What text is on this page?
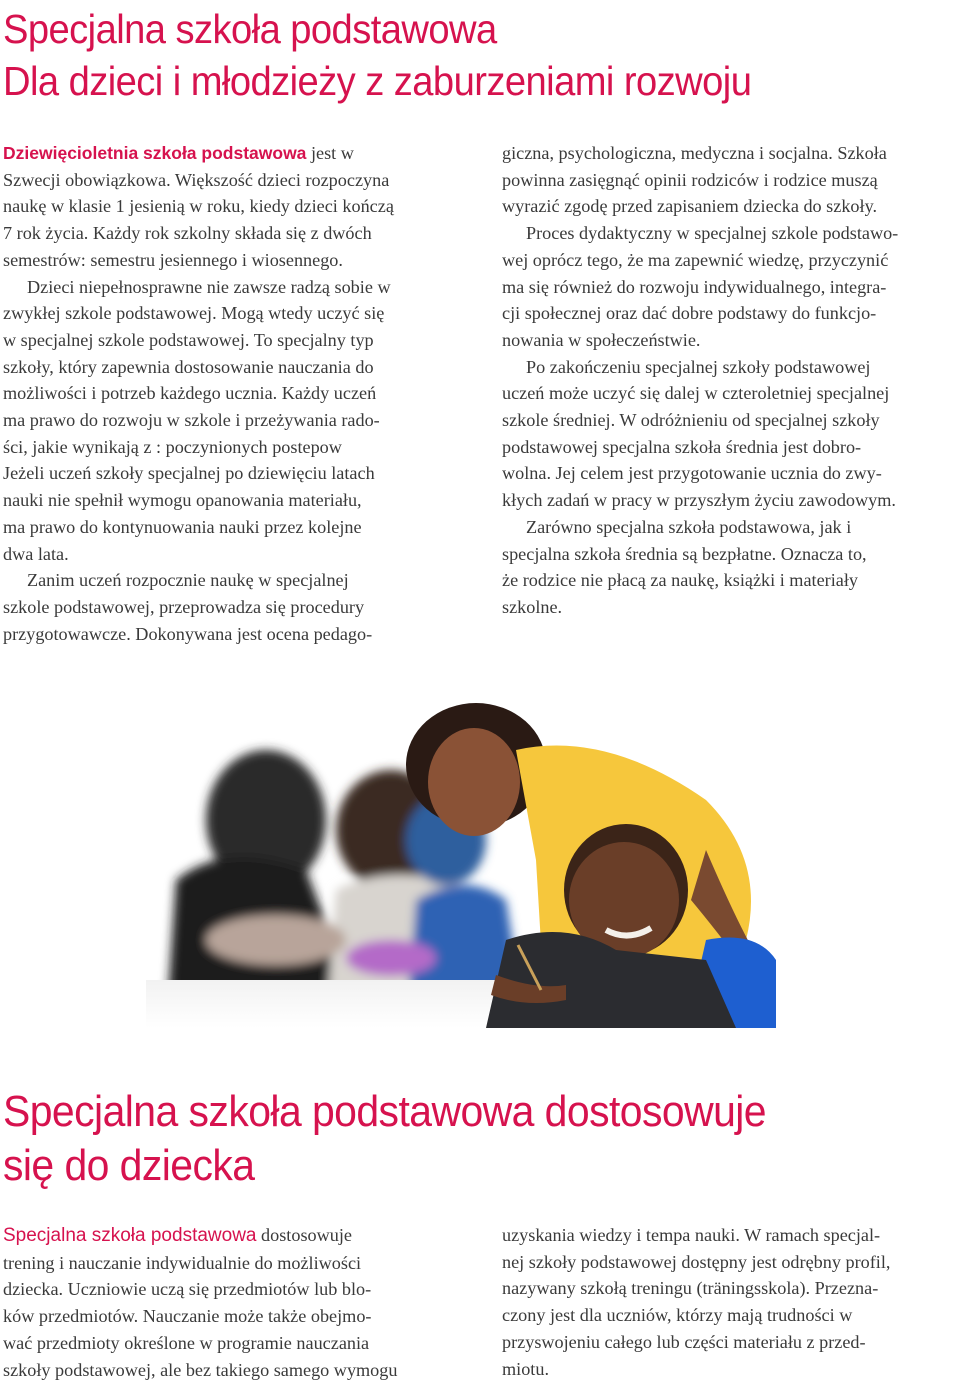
Specjalna szkoła podstawowa
Dla dzieci i młodzieży z zaburzeniami rozwoju
Dziewięcioletnia szkoła podstawowa jest w
Szwecji obowiązkowa. Większość dzieci rozpoczyna
naukę w klasie 1 jesienią w roku, kiedy dzieci kończą
7 rok życia. Każdy rok szkolny składa się z dwóch
semestrów: semestru jesiennego i wiosennego.
Dzieci niepełnosprawne nie zawsze radzą sobie w
zwykłej szkole podstawowej. Mogą wtedy uczyć się
w specjalnej szkole podstawowej. To specjalny typ
szkoły, który zapewnia dostosowanie nauczania do
możliwości i potrzeb każdego ucznia. Każdy uczeń
ma prawo do rozwoju w szkole i przeżywania rado-
ści, jakie wynikają z : poczynionych postepow
Jeżeli uczeń szkoły specjalnej po dziewięciu latach
nauki nie spełnił wymogu opanowania materiału,
ma prawo do kontynuowania nauki przez kolejne
dwa lata.
Zanim uczeń rozpocznie naukę w specjalnej
szkole podstawowej, przeprowadza się procedury
przygotowawcze. Dokonywana jest ocena pedago-
giczna, psychologiczna, medyczna i socjalna. Szkoła
powinna zasięgnąć opinii rodziców i rodzice muszą
wyrazić zgodę przed zapisaniem dziecka do szkoły.
Proces dydaktyczny w specjalnej szkole podstawo-
wej oprócz tego, że ma zapewnić wiedzę, przyczynić
ma się również do rozwoju indywidualnego, integra-
cji społecznej oraz dać dobre podstawy do funkcjo-
nowania w społeczeństwie.
Po zakończeniu specjalnej szkoły podstawowej
uczeń może uczyć się dalej w czteroletniej specjalnej
szkole średniej. W odróżnieniu od specjalnej szkoły
podstawowej specjalna szkoła średnia jest dobro-
wolna. Jej celem jest przygotowanie ucznia do zwy-
kłych zadań w pracy w przyszłym życiu zawodowym.
Zarówno specjalna szkoła podstawowa, jak i
specjalna szkoła średnia są bezpłatne. Oznacza to,
że rodzice nie płacą za naukę, książki i materiały
szkolne.
Specjalna szkoła podstawowa dostosowuje
się do dziecka
Specjalna szkoła podstawowa dostosowuje
trening i nauczanie indywidualnie do możliwości
dziecka. Uczniowie uczą się przedmiotów lub blo-
ków przedmiotów. Nauczanie może także obejmo-
wać przedmioty określone w programie nauczania
szkoły podstawowej, ale bez takiego samego wymogu
uzyskania wiedzy i tempa nauki. W ramach specjal-
nej szkoły podstawowej dostępny jest odrębny profil,
nazywany szkołą treningu (träningsskola). Przezna-
czony jest dla uczniów, którzy mają trudności w
przyswojeniu całego lub części materiału z przed-
miotu.
